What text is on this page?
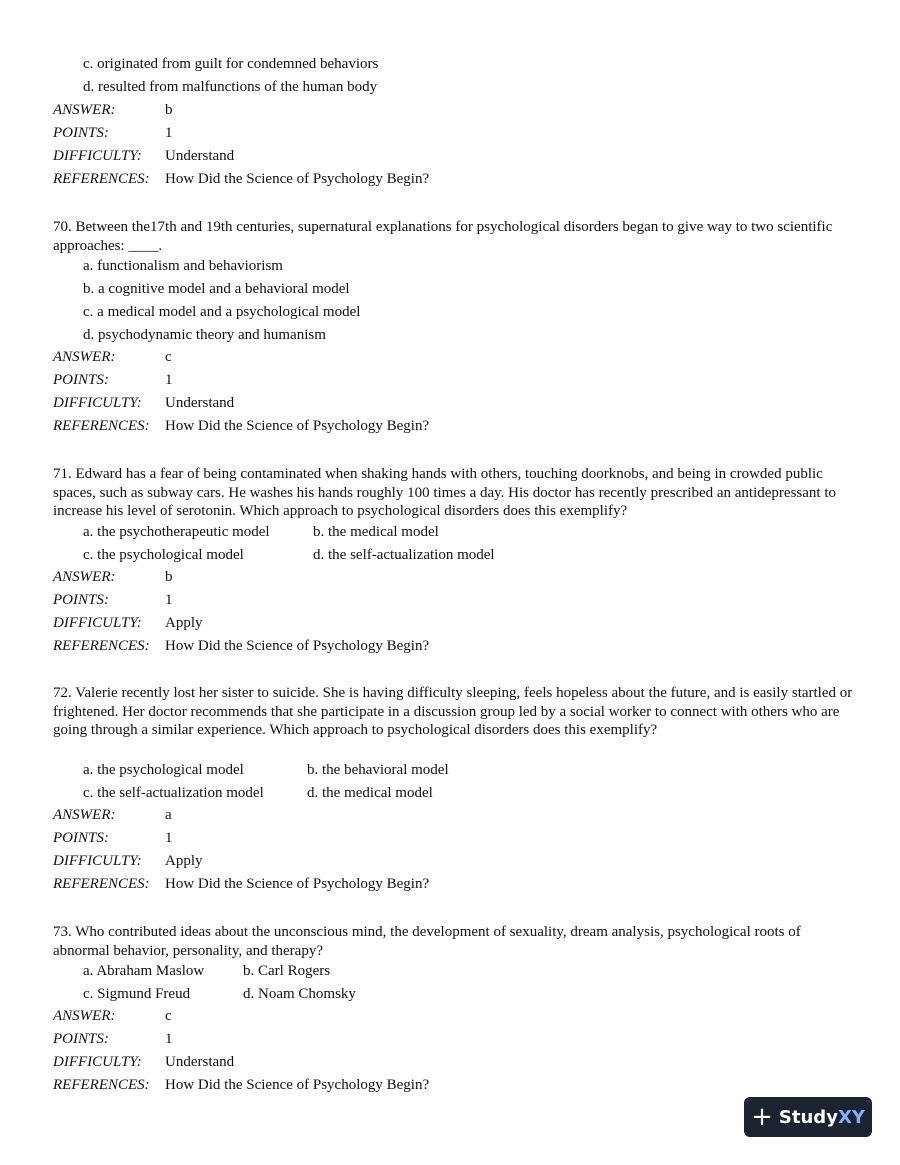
c. originated from guilt for condemned behaviors
d. resulted from malfunctions of the human body
ANSWER:	b
POINTS:	1
DIFFICULTY: Understand
REFERENCES: How Did the Science of Psychology Begin?

70. Between the17th and 19th centuries, supernatural explanations for psychological disorders began to give way to two scientific approaches: ____.

a. functionalism and behaviorism
b. a cognitive model and a behavioral model
c. a medical model and a psychological model
d. psychodynamic theory and humanism
ANSWER:	c
POINTS:	1
DIFFICULTY: Understand
REFERENCES: How Did the Science of Psychology Begin?

71. Edward has a fear of being contaminated when shaking hands with others, touching doorknobs, and being in crowded public spaces, such as subway cars. He washes his hands roughly 100 times a day. His doctor has recently prescribed an antidepressant to increase his level of serotonin. Which approach to psychological disorders does this exemplify?

a. the psychotherapeutic model	b. the medical model
c. the psychological model	d. the self-actualization model
ANSWER:	b
POINTS:	1
DIFFICULTY: Apply
REFERENCES: How Did the Science of Psychology Begin?

72. Valerie recently lost her sister to suicide. She is having difficulty sleeping, feels hopeless about the future, and is easily startled or frightened. Her doctor recommends that she participate in a discussion group led by a social worker to connect with others who are going through a similar experience. Which approach to psychological disorders does this exemplify?

a. the psychological model	b. the behavioral model
c. the self-actualization model	d. the medical model
ANSWER:	a
POINTS:	1
DIFFICULTY: Apply
REFERENCES: How Did the Science of Psychology Begin?

73. Who contributed ideas about the unconscious mind, the development of sexuality, dream analysis, psychological roots of abnormal behavior, personality, and therapy?

a. Abraham Maslow	b. Carl Rogers
c. Sigmund Freud	d. Noam Chomsky
ANSWER:	c
POINTS:	1
DIFFICULTY: Understand
REFERENCES: How Did the Science of Psychology Begin?
+ Study XY
